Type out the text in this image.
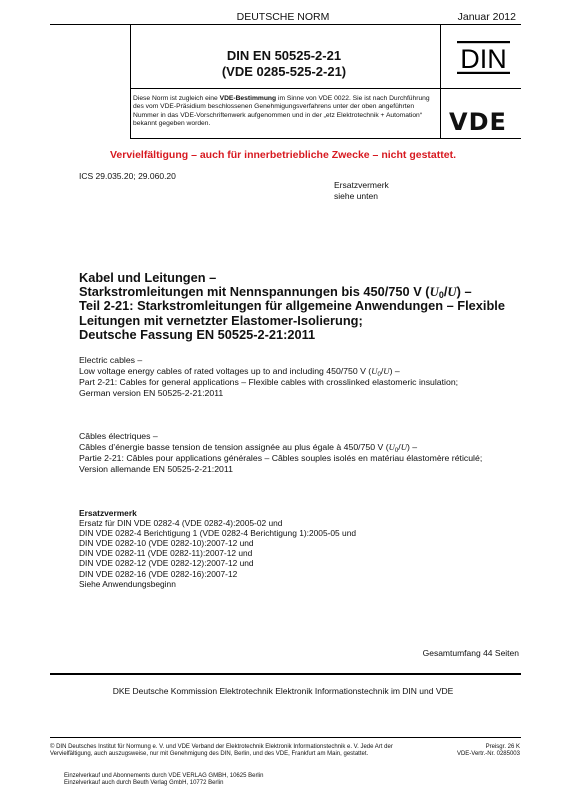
DEUTSCHE NORM	Januar 2012
DIN EN 50525-2-21
(VDE 0285-525-2-21)	DIN
Diese Norm ist zugleich eine VDE-Bestimmung im Sinne von VDE 0022. Sie ist nach Durchführung des vom VDE-Präsidium beschlossenen Genehmigungsverfahrens unter der oben angeführten Nummer in das VDE-Vorschriftenwerk aufgenommen und in der „etz Elektrotechnik + Automation“ bekannt gegeben worden.	VDE
Vervielfältigung – auch für innerbetriebliche Zwecke – nicht gestattet.
ICS 29.035.20; 29.060.20
Ersatzvermerk
siehe unten
Kabel und Leitungen –
Starkstromleitungen mit Nennspannungen bis 450/750 V $(U_0/U)$ –
Teil 2-21: Starkstromleitungen für allgemeine Anwendungen – Flexible Leitungen mit vernetzter Elastomer-Isolierung;
Deutsche Fassung EN 50525-2-21:2011
Electric cables –
Low voltage energy cables of rated voltages up to and including 450/750 V $(U_0/U)$ –
Part 2-21: Cables for general applications – Flexible cables with crosslinked elastomeric insulation;
German version EN 50525-2-21:2011
Câbles électriques –
Câbles d’énergie basse tension de tension assignée au plus égale à 450/750 V $(U_0/U)$ –
Partie 2-21: Câbles pour applications générales – Câbles souples isolés en matériau élastomère réticulé;
Version allemande EN 50525-2-21:2011
Ersatzvermerk
Ersatz für DIN VDE 0282-4 (VDE 0282-4):2005-02 und
DIN VDE 0282-4 Berichtigung 1 (VDE 0282-4 Berichtigung 1):2005-05 und
DIN VDE 0282-10 (VDE 0282-10):2007-12 und
DIN VDE 0282-11 (VDE 0282-11):2007-12 und
DIN VDE 0282-12 (VDE 0282-12):2007-12 und
DIN VDE 0282-16 (VDE 0282-16):2007-12
Siehe Anwendungsbeginn
Gesamtumfang 44 Seiten
DKE Deutsche Kommission Elektrotechnik Elektronik Informationstechnik im DIN und VDE
© DIN Deutsches Institut für Normung e. V. und VDE Verband der Elektrotechnik Elektronik Informationstechnik e. V. Jede Art der Vervielfältigung, auch auszugsweise, nur mit Genehmigung des DIN, Berlin, und des VDE, Frankfurt am Main, gestattet.
Preisgr. 26 K
VDE-Vertr.-Nr. 0285003
Einzelverkauf und Abonnements durch VDE VERLAG GMBH, 10625 Berlin
Einzelverkauf auch durch Beuth Verlag GmbH, 10772 Berlin
